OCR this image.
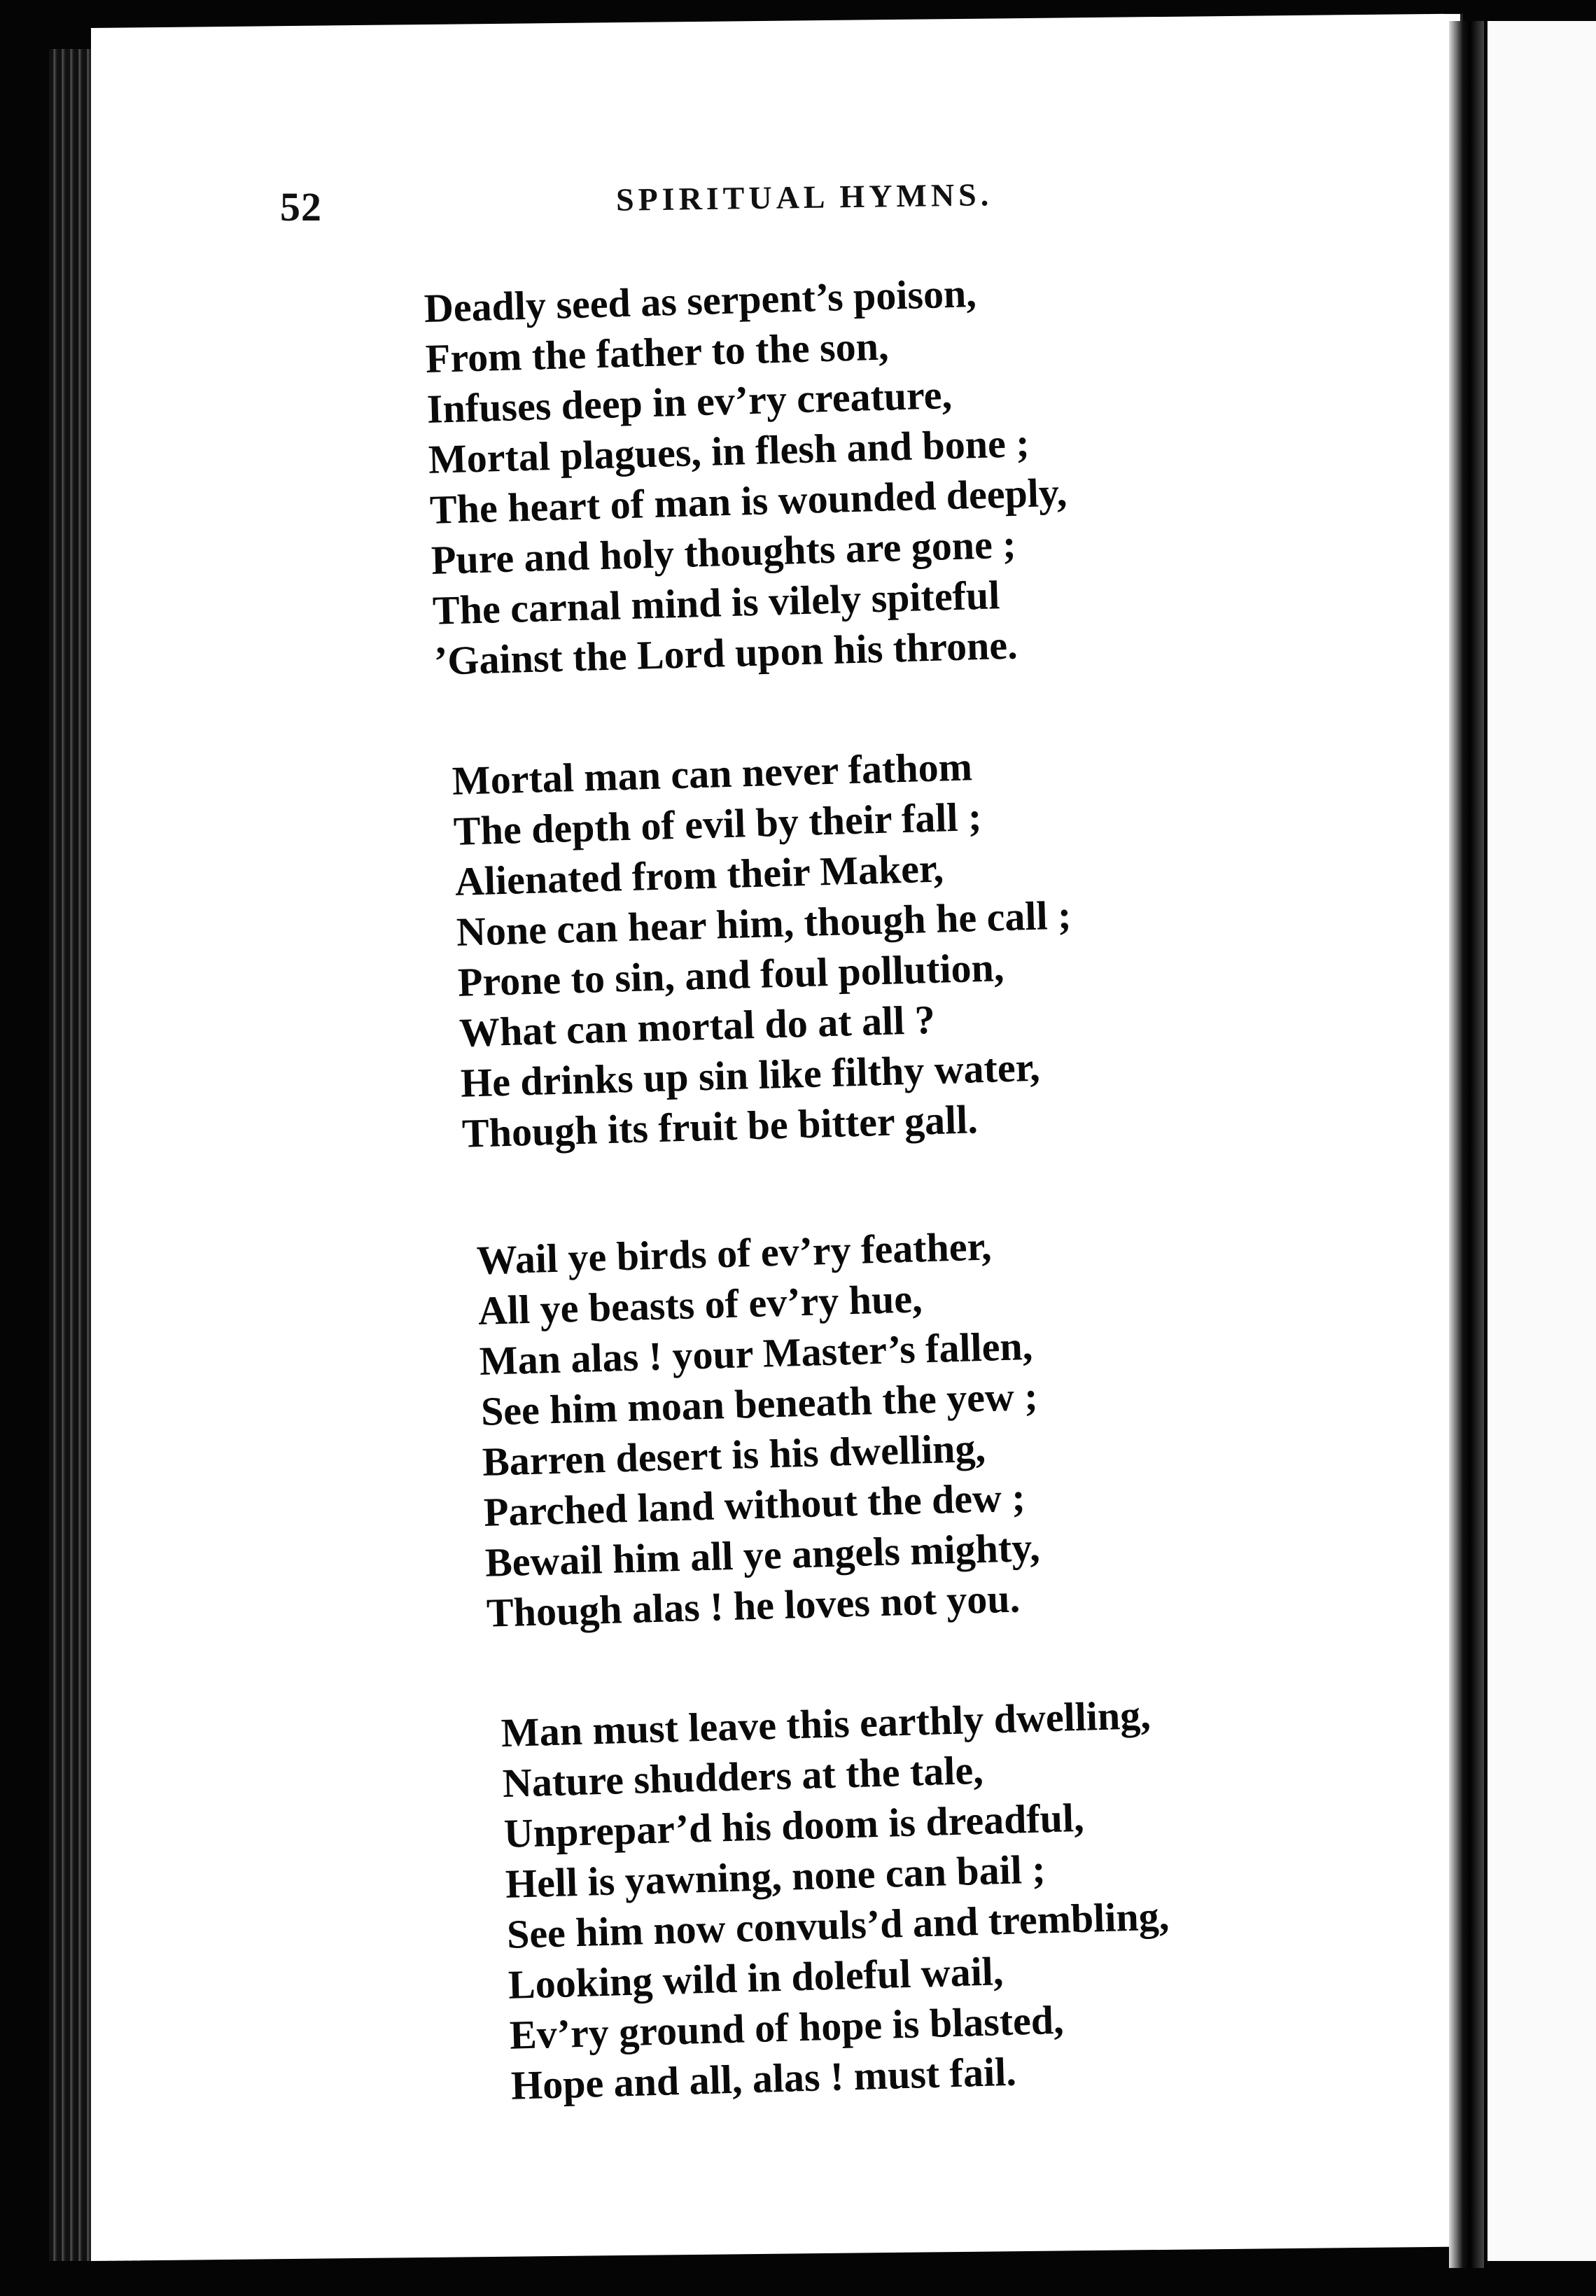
52	SPIRITUAL HYMNS.
Deadly seed as serpent’s poison,
From the father to the son,
Infuses deep in ev’ry creature,
Mortal plagues, in flesh and bone ;
The heart of man is wounded deeply,
Pure and holy thoughts are gone ;
The carnal mind is vilely spiteful
’Gainst the Lord upon his throne.
Mortal man can never fathom
The depth of evil by their fall ;
Alienated from their Maker,
None can hear him, though he call ;
Prone to sin, and foul pollution,
What can mortal do at all ?
He drinks up sin like filthy water,
Though its fruit be bitter gall.
Wail ye birds of ev’ry feather,
All ye beasts of ev’ry hue,
Man alas ! your Master’s fallen,
See him moan beneath the yew ;
Barren desert is his dwelling,
Parched land without the dew ;
Bewail him all ye angels mighty,
Though alas ! he loves not you.
Man must leave this earthly dwelling,
Nature shudders at the tale,
Unprepar’d his doom is dreadful,
Hell is yawning, none can bail ;
See him now convuls’d and trembling,
Looking wild in doleful wail,
Ev’ry ground of hope is blasted,
Hope and all, alas ! must fail.
